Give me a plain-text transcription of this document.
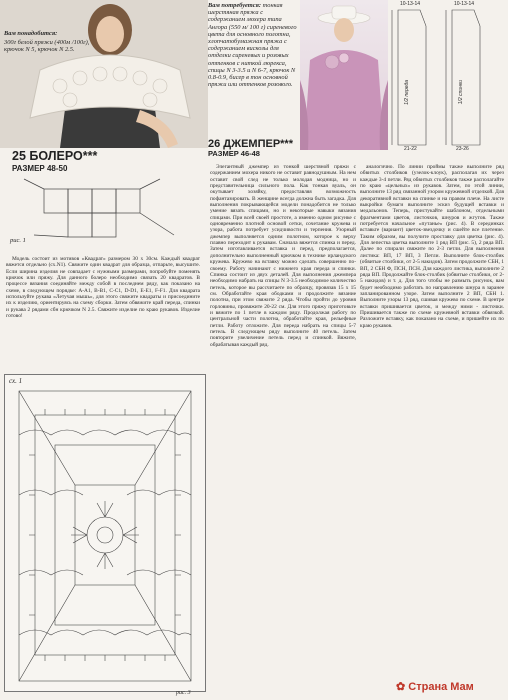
Вам понадобится:
300г белой пряжи (400м /100г), крючок N 5, крючок N 2.5.
25 БОЛЕРО***
РАЗМЕР 48-50
рис. 1

Модель состоит из мотивов «Квадрат» размером 30 х 30см. Каждый квадрат вяжется отдельно (сх.N1). Свяжите один квадрат для образца, отпарьте, высушите. Если ширина изделия не совпадает с нужными размерами, попробуйте поменять крючок или пряжу. Для данного болеро необходимо связать 20 квадратов. В процессе вязания соединяйте между собой в последнем ряду, как показано на схеме, в следующем порядке: A-A1, B-B1, C-C1, D-D1, E-E1, F-F1. Для квадрата используйте рукава «Летучая мышь», для этого свяжите квадраты и присоедините их к изделию, ориентируясь на схему сборки. Затем обвяжите край переда, спинки и рукава 2 рядами сбн крючком N 2.5. Свяжите изделие по краю рукавов. Изделие готово!

сх. 1
Вам потребуется: тонкая шерстяная пряжа с содержанием мохера типа Ангора (550 м/ 100 г) сиреневого цвета для основного полотна, хлопчатобумажная пряжа с содержанием вискозы для отделки сиреневых и розовых оттенков с ниткой люрекса, спицы N 3-3.5 и N 6-7, крючок N 0.8-0.9, бисер в тон основной пряжи или оттенков розового.
26 ДЖЕМПЕР***
РАЗМЕР 46-48
10-13-14	10-13-14
1/2 переда	1/2 спинки
21-22	23-26

Элегантный джемпер из тонкой шерстяной пряжи с содержанием мохера никого не оставит равнодушным. На нем оставит свой след не только молодая модница, но и представительница сильного пола. Как тонкая вуаль, он окутывает хозяйку, предоставляя возможность пофантазировать. В женщине всегда должна быть загадка. Для выполнения покрывающейся модели понадобится не только умение вязать спицами, но и некоторые навыки вязания спицами. При всей своей простоте, а именно одном рисунке с одновременно плотной основой сетки, сочетание кружева и узора, работа потребует усидчивости и терпения. Узорный джемпер выполняется одним полотном, которое к верху плавно переходит к рукавам. Сначала вяжется спинка и перед. Затем изготавливается вставка и перед, предполагается, дополнительно выполненный крючком в технике ирландского кружева. Кружево на вставку можно сделать совершенно по-своему. Работу начинают с нижнего края переда и спинки. Спинка состоит из двух деталей. Для выполнения джемпера необходимо набрать на спицы N 3-3.5 необходимое количество петель, которое вы рассчитаете по образцу, провязав 15 х 15 см. Обработайте края ободками и продолжите вязание полотна, при этом свяжите 2 ряда. Чтобы пройти до уровня горловины, провяжите 20-22 см. Для этого пряжу приготовьте и вяжите по 1 петле в каждом ряду. Продолжая работу по центральной части полотна, обработайте края, рельефные петли. Работу отложите. Для переда набрать на спицы 5-7 петель. В следующем ряду выполните 40 петель. Затем повторите увеличение петель перед и спинкой. Вяжите, обрабатывая каждый ряд.

аналогично. По линии проймы также выполните ряд обвитых столбиков (узелок-клоук), располагая их через каждые 3-4 петли. Ряд обвитых столбиков также располагайте по краю «цельных» из рукавов. Затем, по этой линии, выполните 13 ряд связанной узором кружевной отделкой. Для декоративной вставки на спинке и на правом плече. На листе выкройки бумаги выполните эскиз будущей вставки и медальонов. Теперь, пристукайте шаблоном, отдельными фрагментами цветов, листочков, шнуров и жгутов. Также потребуется начальное «путанье» (рис. 4). В серединках вставьте (вариант) цветок-звездочку и сшейте все плетение. Таким образом, вы получите проставку для цветка (рис. 4). Для лепестка цветка выполните 1 ряд ВП (рис. 5), 2 ряда ВП. Далее по спирали свяжите по 2-3 петли. Для выполнения листика: ВП, 17 ВП, 3 Петли. Выполните блок-столбик (обвитые столбики, от 2-5 накидов). Затем продолжите СБН, 1 ВП, 2 СБН Ф, ПСН, ПСН. Для каждого листика, выполните 2 ряда ВП. Продолжайте блок-столбик (обвитые столбики, от 2-5 накидов) и т. д. Для того чтобы не размыть рисунок, вам будет необходимо работать по направлению шнура в заранее запланированном узоре. Затем выполните 2 ВП, СБН 1. Выполните узоры 13 ряд, сшивая кружево по схеме. В центре вставки пришивается цветок, и между ними - листочки. Пришивается также по схеме кружевной вставки обвязкой. Разложите вставку, как показано на схеме, и пришейте их по краю рукавов.

рис. 3	✿ Страна Мам
